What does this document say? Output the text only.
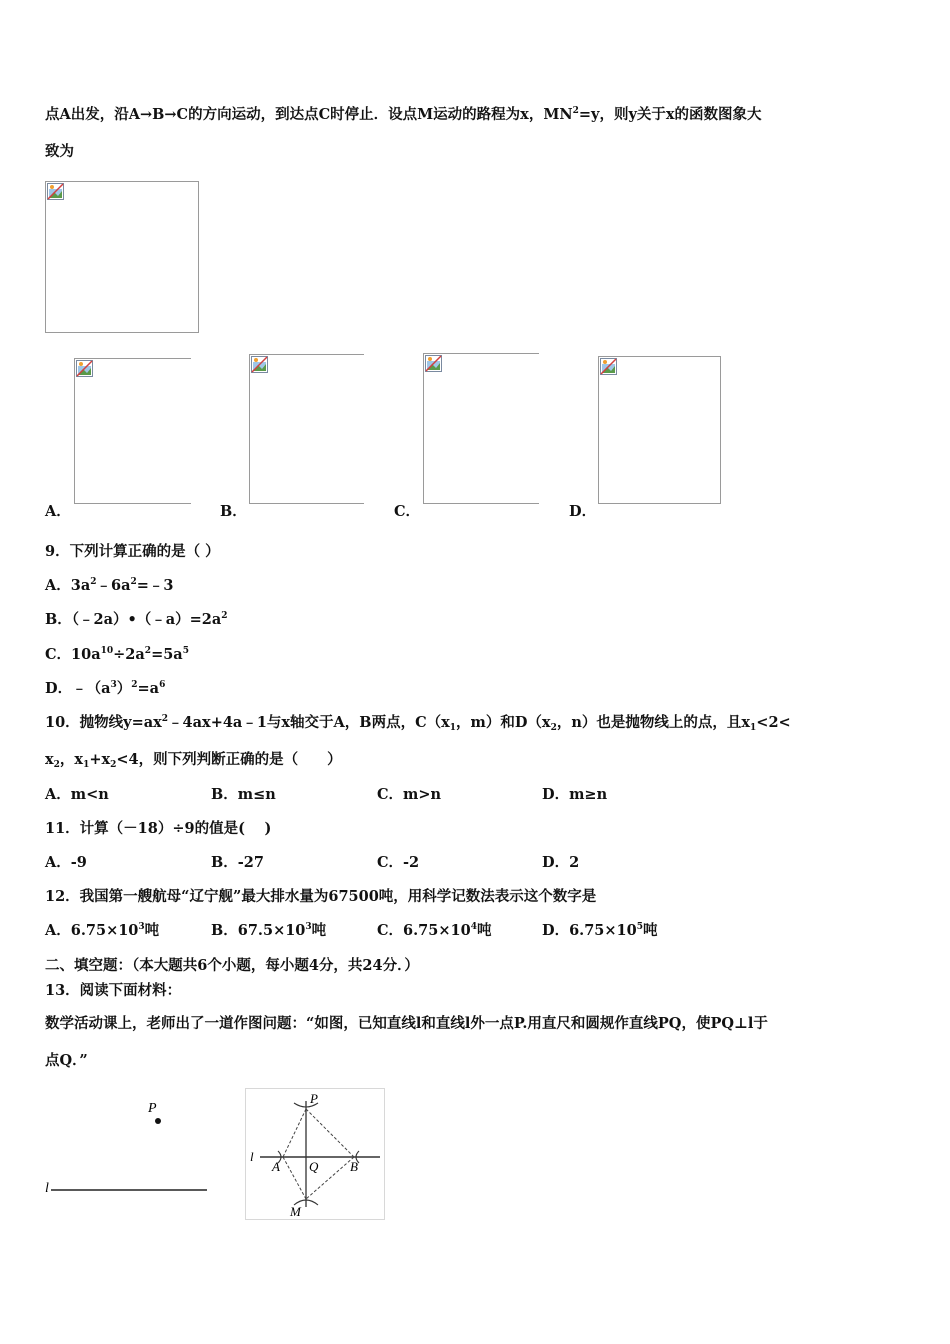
点A出发，沿A→B→C的方向运动，到达点C时停止．设点M运动的路程为x，$MN^2=y$，则y关于x的函数图象大
致为
A．	B．	C．	D．
9．下列计算正确的是（ ）
A．$3a^2﹣6a^2=﹣3$
B．$(﹣2a)•(﹣a)=2a^2$
C．$10a^{10}\div 2a^2=5a^5$
D．$﹣(a^3)^2=a^6$
10．抛物线$y=ax^2﹣4ax+4a﹣1$与x轴交于A，B两点，$C(x_1$，m）和$D(x_2$，n）也是抛物线上的点，且$x_1<2<$
$x_2$，$x_1+x_2<4$，则下列判断正确的是（　　）
A．m<n	B．m≤n	C．m>n	D．m≥n
11．计算（－18）÷9的值是(　 )
A．-9	B．-27	C．-2	D．2
12．我国第一艘航母“辽宁舰”最大排水量为67500吨，用科学记数法表示这个数字是
A．$6.75\times 10^3$吨	B．$67.5\times 10^3$吨	C．$6.75\times 10^4$吨	D．$6.75\times 10^5$吨
二、填空题：（本大题共6个小题，每小题4分，共24分．）
13．阅读下面材料：
数学活动课上，老师出了一道作图问题：“如图，已知直线l和直线l外一点P.用直尺和圆规作直线PQ，使PQ⊥l于
点Q．”
P
l
P
l
A Q B
M
